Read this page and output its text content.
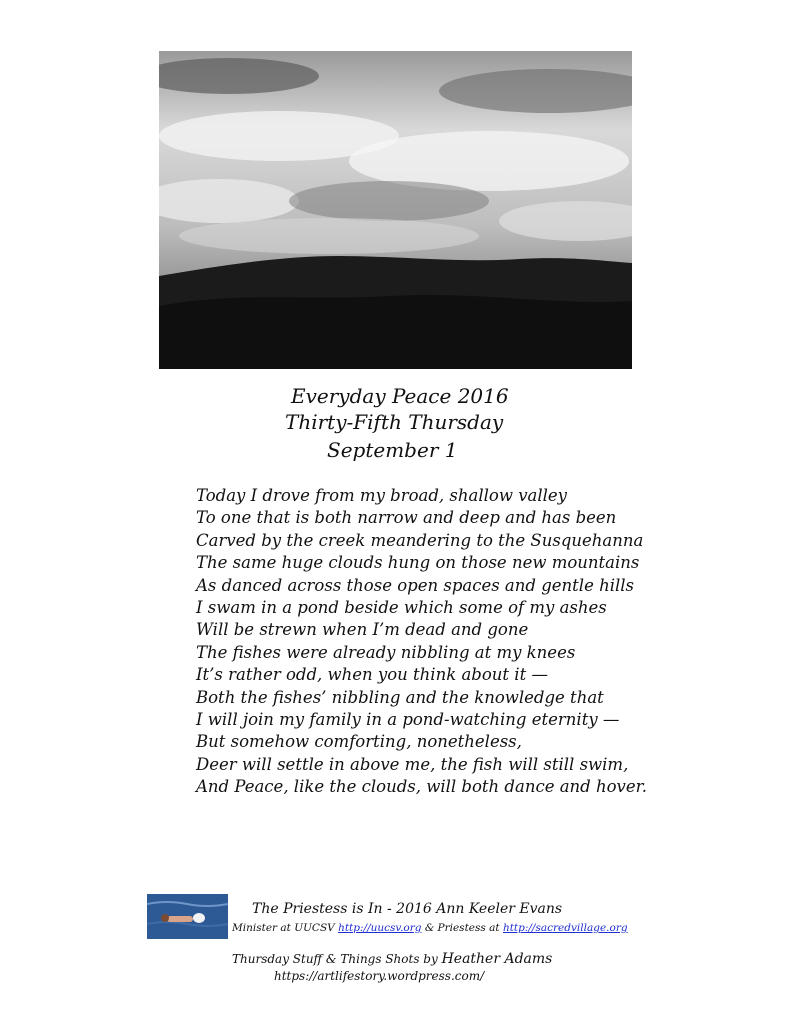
Everyday Peace 2016
Thirty-Fifth Thursday
September 1
Today I drove from my broad, shallow valley
To one that is both narrow and deep and has been
Carved by the creek meandering to the Susquehanna
The same huge clouds hung on those new mountains
As danced across those open spaces and gentle hills
I swam in a pond beside which some of my ashes
Will be strewn when I’m dead and gone
The fishes were already nibbling at my knees
It’s rather odd, when you think about it —
Both the fishes’ nibbling and the knowledge that
I will join my family in a pond-watching eternity —
But somehow comforting, nonetheless,
Deer will settle in above me, the fish will still swim,
And Peace, like the clouds, will both dance and hover.
The Priestess is In - 2016 Ann Keeler Evans
Minister at UUCSV http://uucsv.org & Priestess at http://sacredvillage.org
Thursday Stuff & Things Shots by Heather Adams
https://artlifestory.wordpress.com/
